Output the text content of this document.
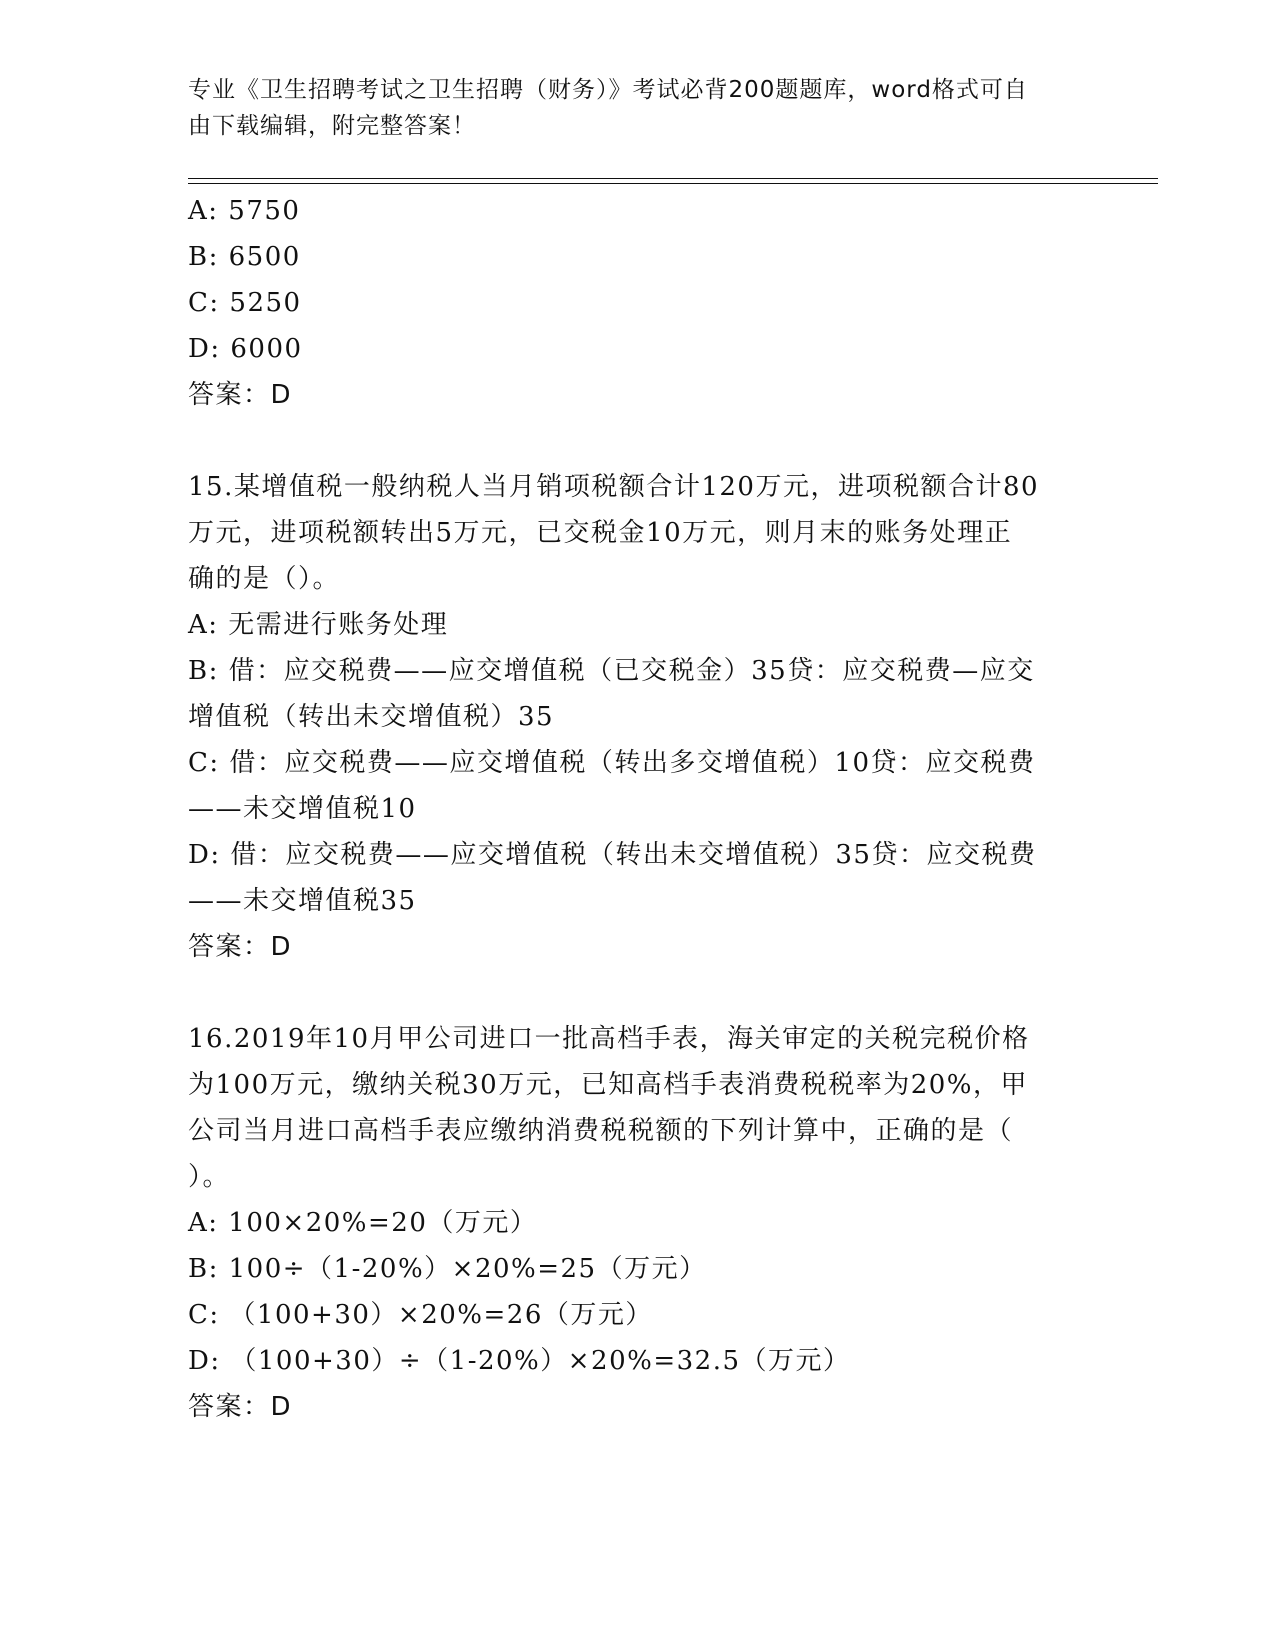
专业《卫生招聘考试之卫生招聘（财务）》考试必背200题题库，word格式可自
由下载编辑，附完整答案！
A: 5750
B: 6500
C: 5250
D: 6000
答案：D
15.某增值税一般纳税人当月销项税额合计120万元，进项税额合计80
万元，进项税额转出5万元，已交税金10万元，则月末的账务处理正
确的是（）。
A: 无需进行账务处理
B: 借：应交税费——应交增值税（已交税金）35贷：应交税费—应交
增值税（转出未交增值税）35
C: 借：应交税费——应交增值税（转出多交增值税）10贷：应交税费
——未交增值税10
D: 借：应交税费——应交增值税（转出未交增值税）35贷：应交税费
——未交增值税35
答案：D
16.2019年10月甲公司进口一批高档手表，海关审定的关税完税价格
为100万元，缴纳关税30万元，已知高档手表消费税税率为20%，甲
公司当月进口高档手表应缴纳消费税税额的下列计算中，正确的是（
）。
A: 100×20%=20（万元）
B: 100÷（1-20%）×20%=25（万元）
C: （100+30）×20%=26（万元）
D: （100+30）÷（1-20%）×20%=32.5（万元）
答案：D
